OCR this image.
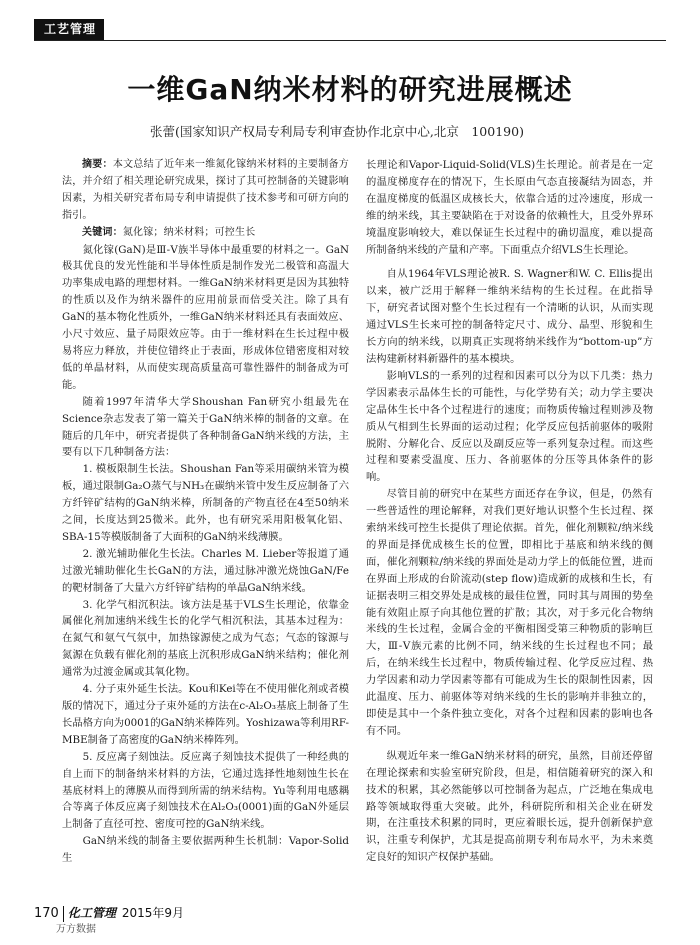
工艺管理
一维GaN纳米材料的研究进展概述
张蕾(国家知识产权局专利局专利审查协作北京中心,北京　100190)

摘要：本文总结了近年来一维氮化镓纳米材料的主要制备方法，并介绍了相关理论研究成果，探讨了其可控制备的关键影响因素，为相关研究者布局专利申请提供了技术参考和可研方向的指引。

关键词：氮化镓；纳米材料；可控生长

氮化镓(GaN)是Ⅲ-Ⅴ族半导体中最重要的材料之一。GaN极其优良的发光性能和半导体性质是制作发光二极管和高温大功率集成电路的理想材料。一维GaN纳米材料更是因为其独特的性质以及作为纳米器件的应用前景而倍受关注。除了具有GaN的基本物化性质外，一维GaN纳米材料还具有表面效应、小尺寸效应、量子局限效应等。由于一维材料在生长过程中极易将应力释放，并使位错终止于表面，形成体位错密度相对较低的单晶材料，从而使实现高质量高可靠性器件的制备成为可能。

随着1997年清华大学Shoushan Fan研究小组最先在Science杂志发表了第一篇关于GaN纳米棒的制备的文章。在随后的几年中，研究者提供了各种制备GaN纳米线的方法，主要有以下几种制备方法：

1. 模板限制生长法。Shoushan Fan等采用碳纳米管为模板，通过限制Ga₂O蒸气与NH₃在碳纳米管中发生反应制备了六方纤锌矿结构的GaN纳米棒，所制备的产物直径在4至50纳米之间，长度达到25微米。此外，也有研究采用阳极氧化铝、SBA-15等模版制备了大面积的GaN纳米线薄膜。

2. 激光辅助催化生长法。Charles M. Lieber等报道了通过激光辅助催化生长GaN的方法，通过脉冲激光烧蚀GaN/Fe的靶材制备了大量六方纤锌矿结构的单晶GaN纳米线。

3. 化学气相沉积法。该方法是基于VLS生长理论，依靠金属催化剂加速纳米线生长的化学气相沉积法，其基本过程为：在氮气和氨气气氛中，加热镓源使之成为气态；气态的镓源与氮源在负载有催化剂的基底上沉积形成GaN纳米结构；催化剂通常为过渡金属或其氧化物。

4. 分子束外延生长法。Kou和Kei等在不使用催化剂或者模版的情况下，通过分子束外延的方法在c-Al₂O₃基底上制备了生长晶格方向为0001的GaN纳米棒阵列。Yoshizawa等利用RF-MBE制备了高密度的GaN纳米棒阵列。

5. 反应离子刻蚀法。反应离子刻蚀技术提供了一种经典的自上而下的制备纳米材料的方法，它通过选择性地刻蚀生长在基底材料上的薄膜从而得到所需的纳米结构。Yu等利用电感耦合等离子体反应离子刻蚀技术在Al₂O₃(0001)面的GaN外延层上制备了直径可控、密度可控的GaN纳米线。

GaN纳米线的制备主要依据两种生长机制：Vapor-Solid生

长理论和Vapor-Liquid-Solid(VLS)生长理论。前者是在一定的温度梯度存在的情况下，生长原由气态直接凝结为固态，并在温度梯度的低温区成核长大，依靠合适的过冷速度，形成一维的纳米线，其主要缺陷在于对设备的依赖性大，且受外界环境温度影响较大，难以保证生长过程中的确切温度，难以提高所制备纳米线的产量和产率。下面重点介绍VLS生长理论。

自从1964年VLS理论被R. S. Wagner和W. C. Ellis提出以来，被广泛用于解释一维纳米结构的生长过程。在此指导下，研究者试图对整个生长过程有一个清晰的认识，从而实现通过VLS生长来可控的制备特定尺寸、成分、晶型、形貌和生长方向的纳米线，以期真正实现将纳米线作为“bottom-up”方法构建新材料新器件的基本模块。

影响VLS的一系列的过程和因素可以分为以下几类：热力学因素表示晶体生长的可能性，与化学势有关；动力学主要决定晶体生长中各个过程进行的速度；而物质传输过程则涉及物质从气相到生长界面的运动过程；化学反应包括前驱体的吸附脱附、分解化合、反应以及副反应等一系列复杂过程。而这些过程和要素受温度、压力、各前驱体的分压等具体条件的影响。

尽管目前的研究中在某些方面还存在争议，但是，仍然有一些普适性的理论解释，对我们更好地认识整个生长过程、探索纳米线可控生长提供了理论依据。首先，催化剂颗粒/纳米线的界面是择优成核生长的位置，即相比于基底和纳米线的侧面，催化剂颗粒/纳米线的界面处是动力学上的低能位置，进而在界面上形成的台阶流动(step flow)造成新的成核和生长，有证据表明三相交界处是成核的最佳位置，同时其与周围的势垒能有效阻止原子向其他位置的扩散；其次，对于多元化合物纳米线的生长过程，金属合金的平衡相图受第三种物质的影响巨大，Ⅲ-Ⅴ族元素的比例不同，纳米线的生长过程也不同；最后，在纳米线生长过程中，物质传输过程、化学反应过程、热力学因素和动力学因素等都有可能成为生长的限制性因素，因此温度、压力、前驱体等对纳米线的生长的影响并非独立的，即使是其中一个条件独立变化，对各个过程和因素的影响也各有不同。

纵观近年来一维GaN纳米材料的研究，虽然，目前还停留在理论探索和实验室研究阶段，但是，相信随着研究的深入和技术的积累，其必然能够以可控制备为起点，广泛地在集成电路等领域取得重大突破。此外，科研院所和相关企业在研发期，在注重技术积累的同时，更应着眼长远，提升创新保护意识，注重专利保护，尤其是提高前期专利布局水平，为未来奠定良好的知识产权保护基础。

170 化工管理 2015年9月
万方数据
